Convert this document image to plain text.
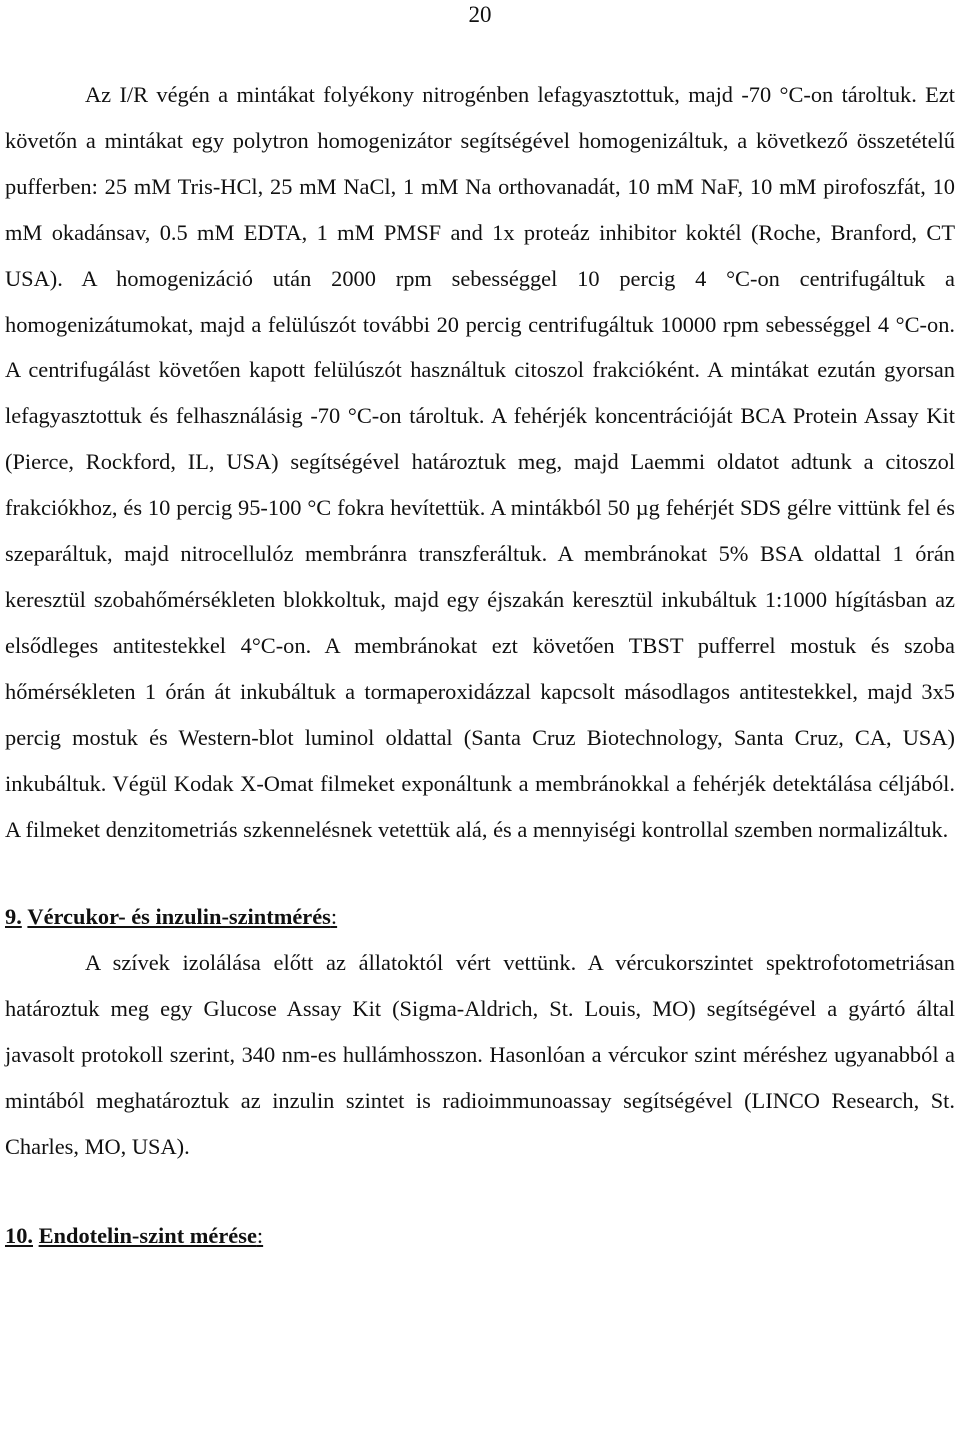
20

Az I/R végén a mintákat folyékony nitrogénben lefagyasztottuk, majd -70 °C-on tároltuk. Ezt követőn a mintákat egy polytron homogenizátor segítségével homogenizáltuk, a következő összetételű pufferben: 25 mM Tris-HCl, 25 mM NaCl, 1 mM Na orthovanadát, 10 mM NaF, 10 mM pirofoszfát, 10 mM okadánsav, 0.5 mM EDTA, 1 mM PMSF and 1x proteáz inhibitor koktél (Roche, Branford, CT USA). A homogenizáció után 2000 rpm sebességgel 10 percig 4 °C-on centrifugáltuk a homogenizátumokat, majd a felülúszót további 20 percig centrifugáltuk 10000 rpm sebességgel 4 °C-on. A centrifugálást követően kapott felülúszót használtuk citoszol frakcióként. A mintákat ezután gyorsan lefagyasztottuk és felhasználásig -70 °C-on tároltuk. A fehérjék koncentrációját BCA Protein Assay Kit (Pierce, Rockford, IL, USA) segítségével határoztuk meg, majd Laemmi oldatot adtunk a citoszol frakciókhoz, és 10 percig 95-100 °C fokra hevítettük. A mintákból 50 µg fehérjét SDS gélre vittünk fel és szeparáltuk, majd nitrocellulóz membránra transzferáltuk. A membránokat 5% BSA oldattal 1 órán keresztül szobahőmérsékleten blokkoltuk, majd egy éjszakán keresztül inkubáltuk 1:1000 hígításban az elsődleges antitestekkel 4°C-on. A membránokat ezt követően TBST pufferrel mostuk és szoba hőmérsékleten 1 órán át inkubáltuk a tormaperoxidázzal kapcsolt másodlagos antitestekkel, majd 3x5 percig mostuk és Western-blot luminol oldattal (Santa Cruz Biotechnology, Santa Cruz, CA, USA) inkubáltuk. Végül Kodak X-Omat filmeket exponáltunk a membránokkal a fehérjék detektálása céljából. A filmeket denzitometriás szkennelésnek vetettük alá, és a mennyiségi kontrollal szemben normalizáltuk.

9. Vércukor- és inzulin-szintmérés:

A szívek izolálása előtt az állatoktól vért vettünk. A vércukorszintet spektrofotometriásan határoztuk meg egy Glucose Assay Kit (Sigma-Aldrich, St. Louis, MO) segítségével a gyártó által javasolt protokoll szerint, 340 nm-es hullámhosszon. Hasonlóan a vércukor szint méréshez ugyanabból a mintából meghatároztuk az inzulin szintet is radioimmunoassay segítségével (LINCO Research, St. Charles, MO, USA).

10. Endotelin-szint mérése:
